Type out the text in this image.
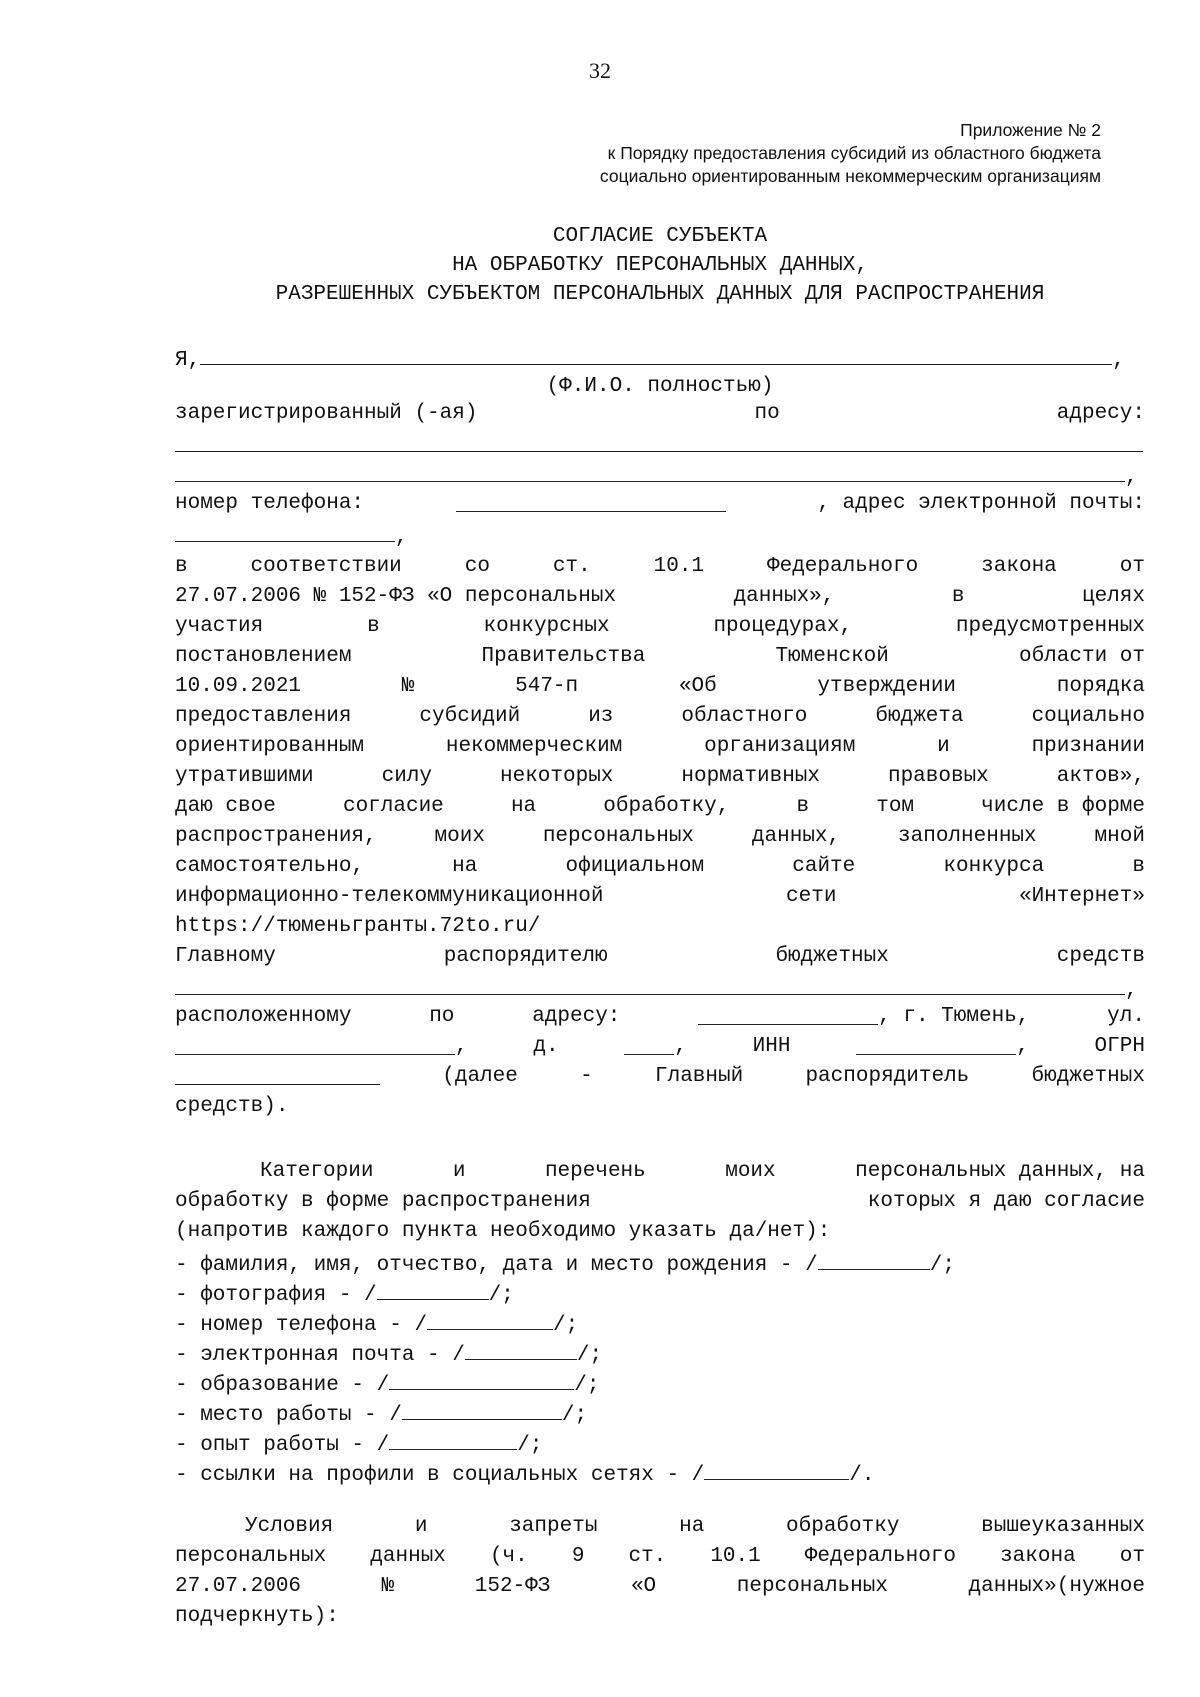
32
Приложение № 2
к Порядку предоставления субсидий из областного бюджета
социально ориентированным некоммерческим организациям
СОГЛАСИЕ СУБЪЕКТА
НА ОБРАБОТКУ ПЕРСОНАЛЬНЫХ ДАННЫХ,
РАЗРЕШЕННЫХ СУБЪЕКТОМ ПЕРСОНАЛЬНЫХ ДАННЫХ ДЛЯ РАСПРОСТРАНЕНИЯ
Я,	,
(Ф.И.О. полностью)
зарегистрированный (-ая)	по	адресу:
,
номер телефона:	, адрес электронной почты:
,
в	соответствии	со	ст.	10.1	Федерального	закона	от
27.07.2006 № 152-ФЗ «О персональных	данных»,	в	целях
участия	в	конкурсных	процедурах,	предусмотренных
постановлением	Правительства	Тюменской	области от
10.09.2021	№	547-п	«Об	утверждении	порядка
предоставления	субсидий	из	областного	бюджета	социально
ориентированным	некоммерческим	организациям	и	признании
утратившими	силу	некоторых	нормативных	правовых	актов»,
даю свое	согласие	на	обработку,	в	том	числе в форме
распространения,	моих	персональных	данных,	заполненных	мной
самостоятельно,	на	официальном	сайте	конкурса	в
информационно-телекоммуникационной	сети	«Интернет»
https://тюменьгранты.72to.ru/
Главному	распорядителю	бюджетных	средств
,
расположенному	по	адресу:	, г. Тюмень,	ул.
,	д.	,	ИНН	,	ОГРН
(далее	-	Главный	распорядитель	бюджетных
средств).
Категории	и	перечень	моих	персональных данных, на
обработку в форме распространения	которых я даю согласие
(напротив каждого пункта необходимо указать да/нет):
- фамилия, имя, отчество, дата и место рождения - /	/;
- фотография - /	/;
- номер телефона - /	/;
- электронная почта - /	/;
- образование - /	/;
- место работы - /	/;
- опыт работы - /	/;
- ссылки на профили в социальных сетях - /	/.
Условия	и	запреты	на	обработку	вышеуказанных
персональных данных (ч. 9 ст. 10.1 Федерального закона от
27.07.2006	№	152-ФЗ	«О	персональных	данных»(нужное
подчеркнуть):
